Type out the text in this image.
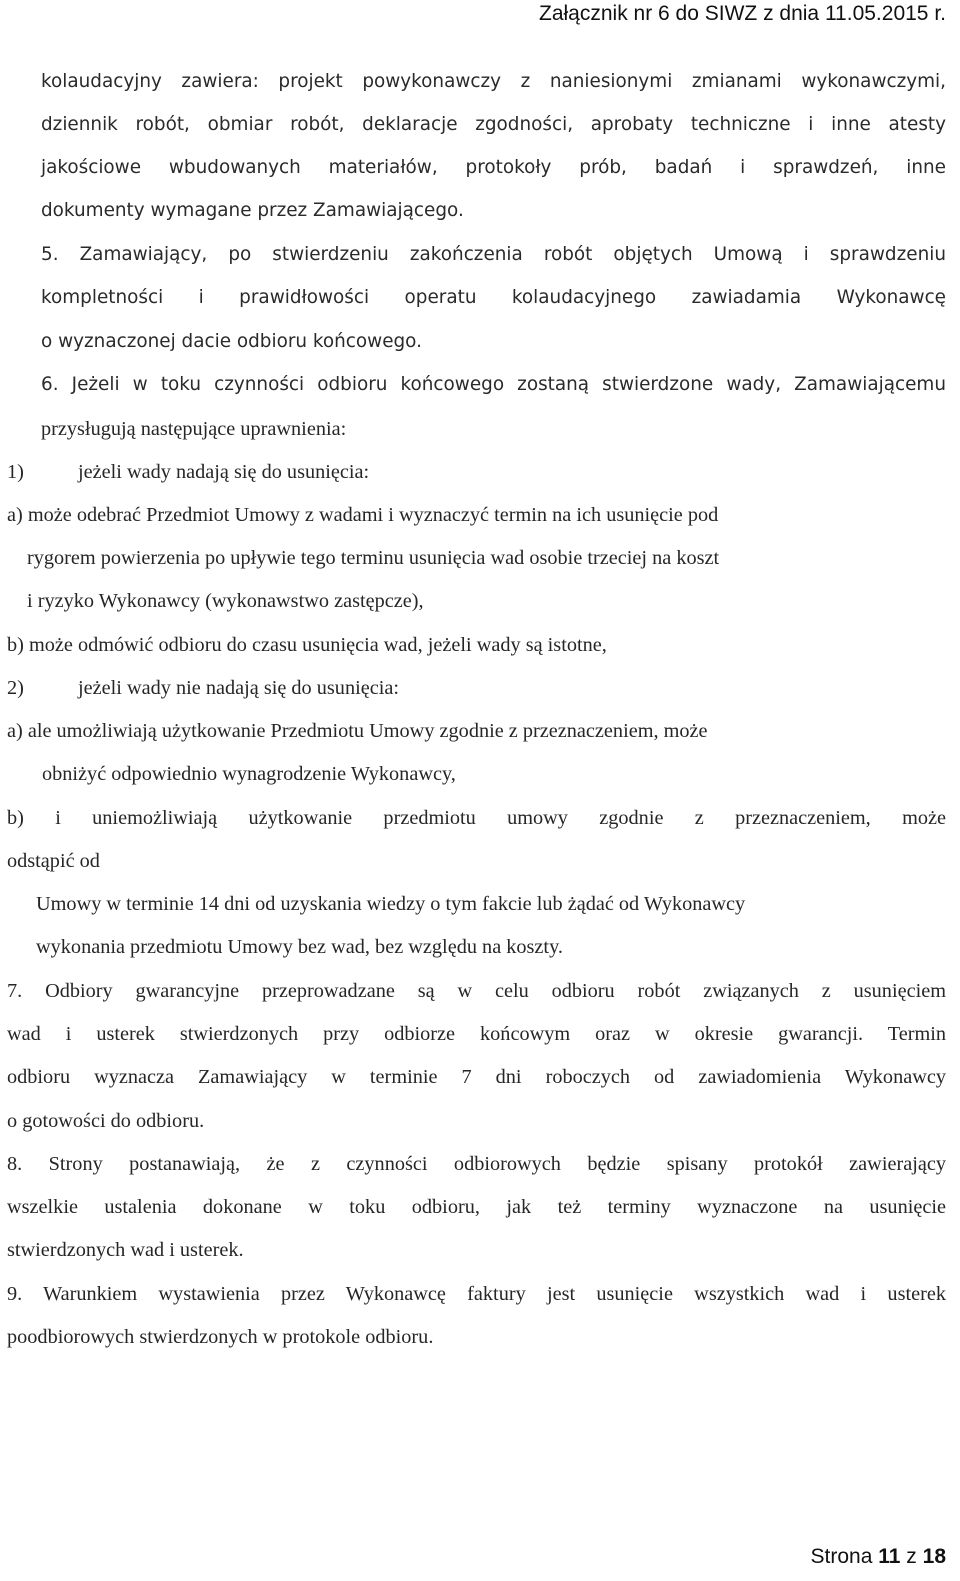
Załącznik nr 6 do SIWZ z dnia 11.05.2015 r.
kolaudacyjny zawiera: projekt powykonawczy z naniesionymi zmianami wykonawczymi,
dziennik robót, obmiar robót, deklaracje zgodności, aprobaty techniczne i inne atesty
jakościowe wbudowanych materiałów, protokoły prób, badań i sprawdzeń, inne
dokumenty wymagane przez Zamawiającego.
5. Zamawiający, po stwierdzeniu zakończenia robót objętych Umową i sprawdzeniu
kompletności i prawidłowości operatu kolaudacyjnego zawiadamia Wykonawcę
o wyznaczonej dacie odbioru końcowego.
6. Jeżeli w toku czynności odbioru końcowego zostaną stwierdzone wady, Zamawiającemu
przysługują następujące uprawnienia:
1)	jeżeli wady nadają się do usunięcia:
a) może odebrać Przedmiot Umowy z wadami i wyznaczyć termin na ich usunięcie pod
rygorem powierzenia po upływie tego terminu usunięcia wad osobie trzeciej na koszt
i ryzyko Wykonawcy (wykonawstwo zastępcze),
b) może odmówić odbioru do czasu usunięcia wad, jeżeli wady są istotne,
2)	jeżeli wady nie nadają się do usunięcia:
a) ale umożliwiają użytkowanie Przedmiotu Umowy zgodnie z przeznaczeniem, może
obniżyć odpowiednio wynagrodzenie Wykonawcy,
b) i uniemożliwiają użytkowanie przedmiotu umowy zgodnie z przeznaczeniem, może
odstąpić od
Umowy w terminie 14 dni od uzyskania wiedzy o tym fakcie lub żądać od Wykonawcy
wykonania przedmiotu Umowy bez wad, bez względu na koszty.
7. Odbiory gwarancyjne przeprowadzane są w celu odbioru robót związanych z usunięciem
wad i usterek stwierdzonych przy odbiorze końcowym oraz w okresie gwarancji. Termin
odbioru wyznacza Zamawiający w terminie 7 dni roboczych od zawiadomienia Wykonawcy
o gotowości do odbioru.
8. Strony postanawiają, że z czynności odbiorowych będzie spisany protokół zawierający
wszelkie ustalenia dokonane w toku odbioru, jak też terminy wyznaczone na usunięcie
stwierdzonych wad i usterek.
9. Warunkiem wystawienia przez Wykonawcę faktury jest usunięcie wszystkich wad i usterek
poodbiorowych stwierdzonych w protokole odbioru.
Strona 11 z 18
